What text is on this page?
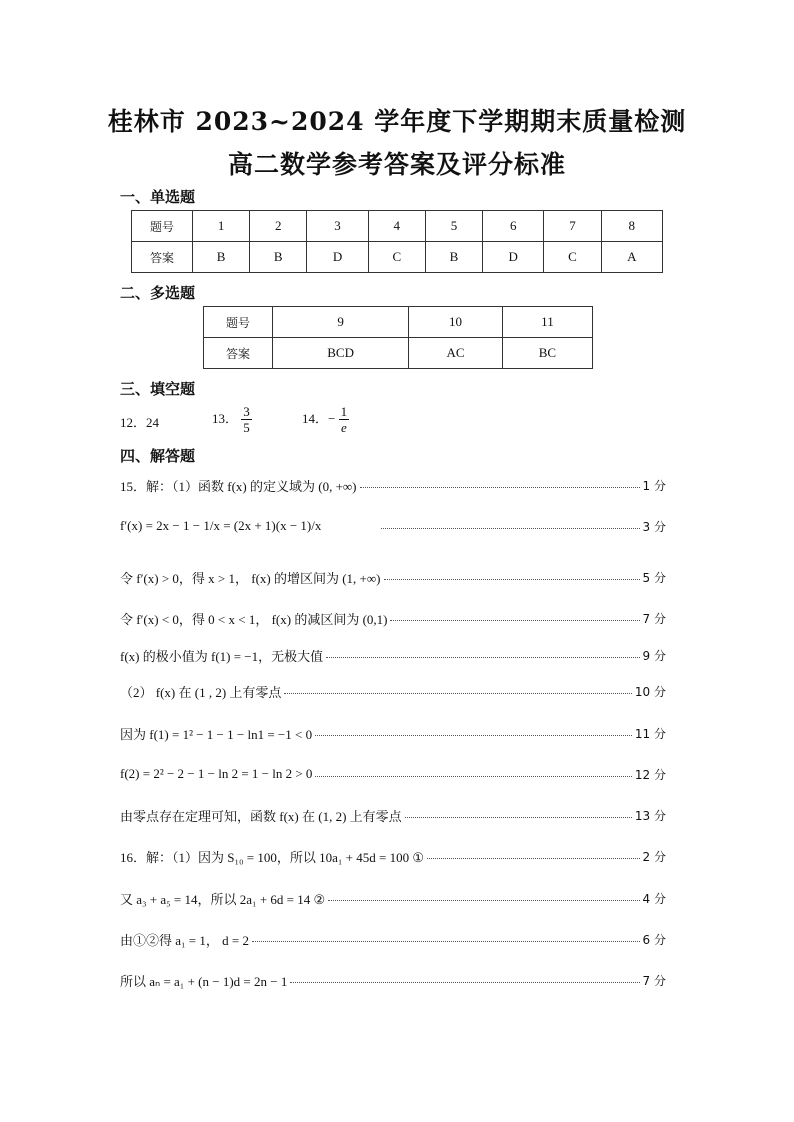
桂林市 2023~2024 学年度下学期期末质量检测
高二数学参考答案及评分标准
一、单选题
题号	1	2	3	4	5	6	7	8
答案	B	B	D	C	B	D	C	A
二、多选题
题号	9	10	11
答案	BCD	AC	BC
三、填空题
12．24	13． $\frac{3}{5}$	14．− $\frac{1}{e}$
四、解答题
15．解：（1）函数 f(x) 的定义域为 (0, +∞)	1 分
f′(x) = 2x − 1 − 1/x = (2x + 1)(x − 1)/x	3 分
令 f′(x) > 0，得 x > 1， f(x) 的增区间为 (1, +∞)	5 分
令 f′(x) < 0，得 0 < x < 1， f(x) 的减区间为 (0,1)	7 分
f(x) 的极小值为 f(1) = −1，无极大值	9 分
（2） f(x) 在 (1 , 2) 上有零点	10 分
因为 f(1) = 1² − 1 − 1 − ln1 = −1 < 0	11 分
f(2) = 2² − 2 − 1 − ln 2 = 1 − ln 2 > 0	12 分
由零点存在定理可知，函数 f(x) 在 (1, 2) 上有零点	13 分
16．解：（1）因为 S₁₀ = 100，所以 10a₁ + 45d = 100 ①	2 分
又 a₃ + a₅ = 14，所以 2a₁ + 6d = 14 ②	4 分
由①②得 a₁ = 1， d = 2	6 分
所以 aₙ = a₁ + (n − 1)d = 2n − 1	7 分
